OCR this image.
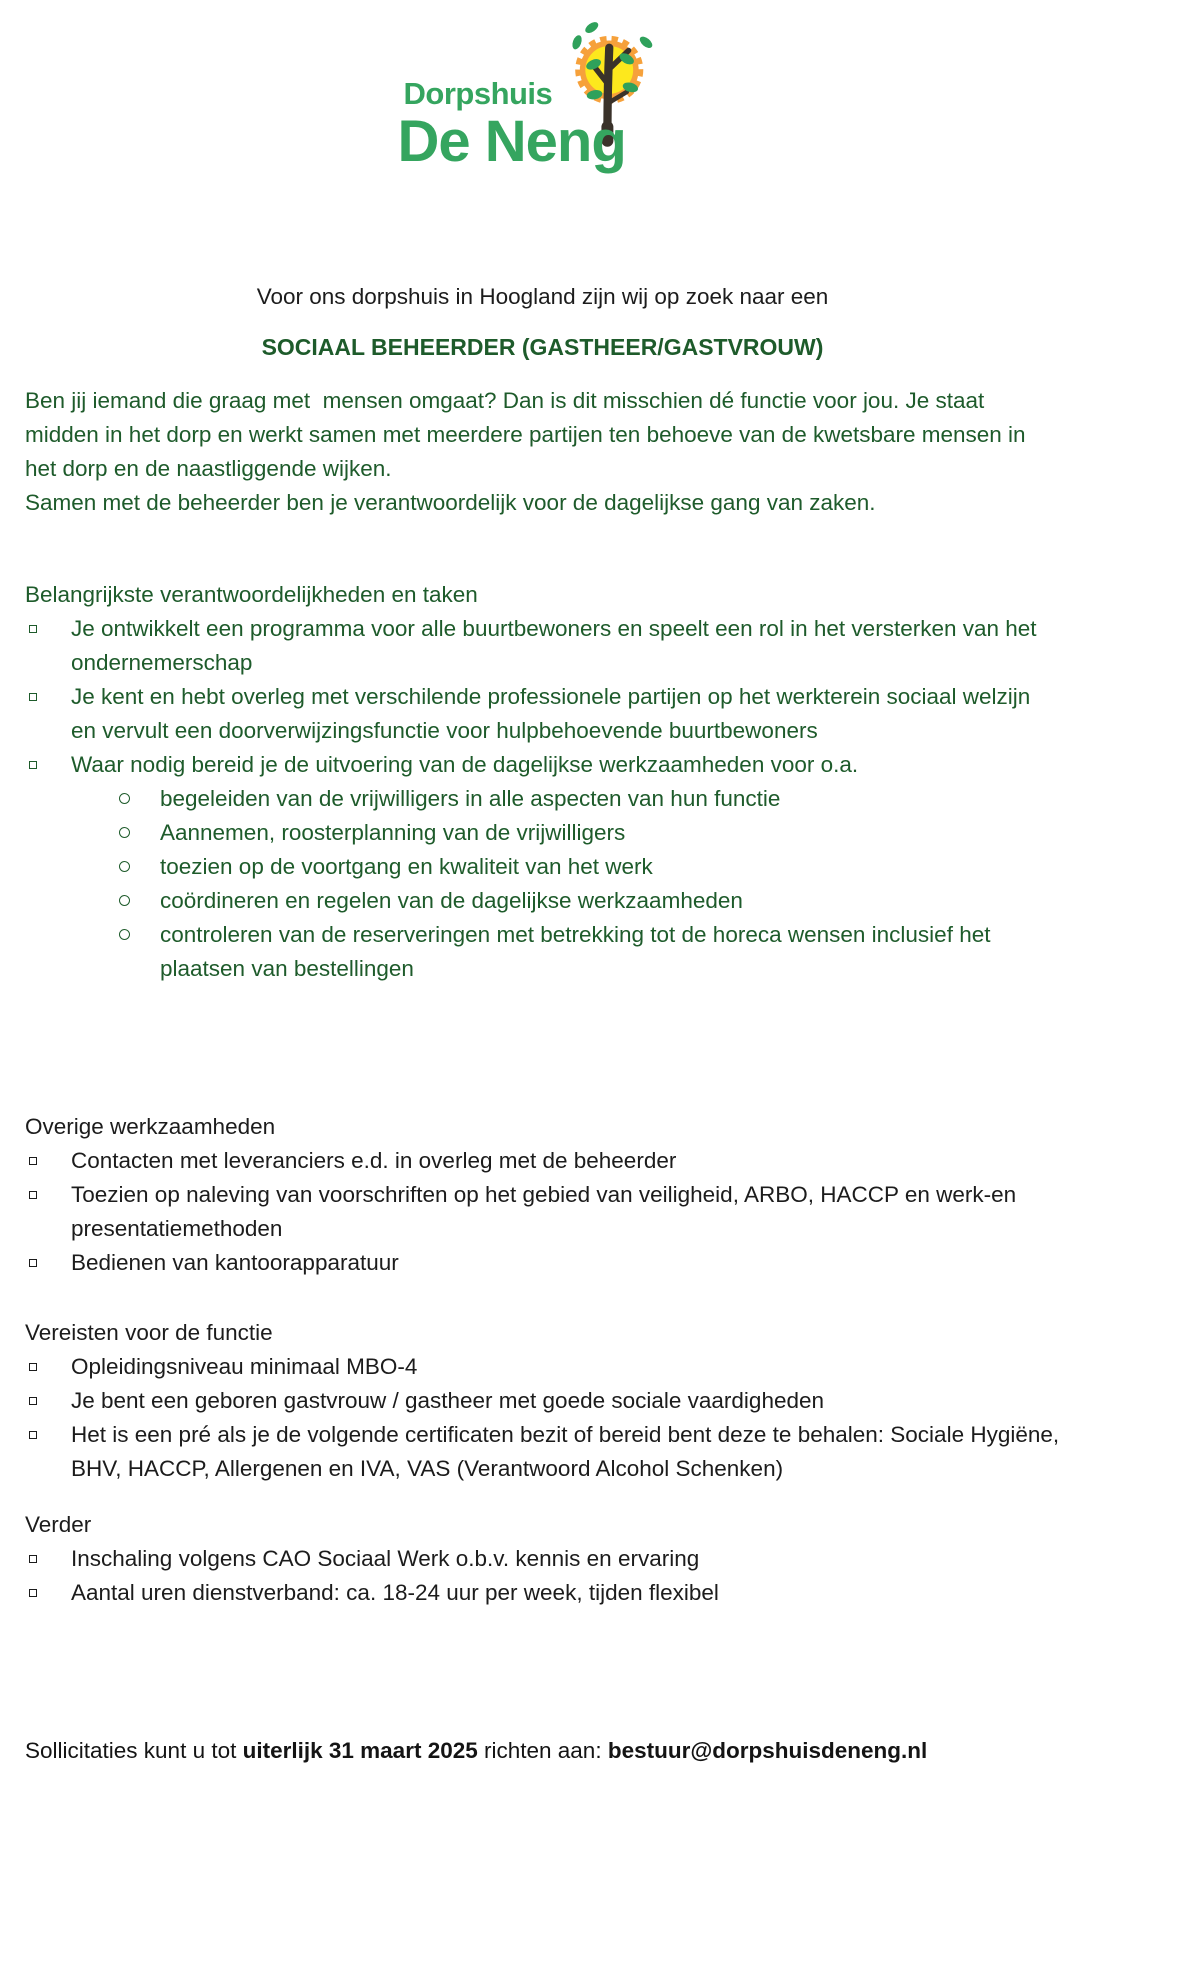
Dorpshuis
De Neng

Voor ons dorpshuis in Hoogland zijn wij op zoek naar een

SOCIAAL BEHEERDER (GASTHEER/GASTVROUW)

Ben jij iemand die graag met  mensen omgaat? Dan is dit misschien dé functie voor jou. Je staat midden in het dorp en werkt samen met meerdere partijen ten behoeve van de kwetsbare mensen in het dorp en de naastliggende wijken.

Samen met de beheerder ben je verantwoordelijk voor de dagelijkse gang van zaken.

Belangrijkste verantwoordelijkheden en taken
Je ontwikkelt een programma voor alle buurtbewoners en speelt een rol in het versterken van het ondernemerschap
Je kent en hebt overleg met verschilende professionele partijen op het werkterein sociaal welzijn en vervult een doorverwijzingsfunctie voor hulpbehoevende buurtbewoners
Waar nodig bereid je de uitvoering van de dagelijkse werkzaamheden voor o.a.
begeleiden van de vrijwilligers in alle aspecten van hun functie
Aannemen, roosterplanning van de vrijwilligers
toezien op de voortgang en kwaliteit van het werk
coördineren en regelen van de dagelijkse werkzaamheden
controleren van de reserveringen met betrekking tot de horeca wensen inclusief het plaatsen van bestellingen
Overige werkzaamheden
Contacten met leveranciers e.d. in overleg met de beheerder
Toezien op naleving van voorschriften op het gebied van veiligheid, ARBO, HACCP en werk-en presentatiemethoden
Bedienen van kantoorapparatuur
Vereisten voor de functie
Opleidingsniveau minimaal MBO-4
Je bent een geboren gastvrouw / gastheer met goede sociale vaardigheden
Het is een pré als je de volgende certificaten bezit of bereid bent deze te behalen: Sociale Hygiëne, BHV, HACCP, Allergenen en IVA, VAS (Verantwoord Alcohol Schenken)
Verder
Inschaling volgens CAO Sociaal Werk o.b.v. kennis en ervaring
Aantal uren dienstverband: ca. 18-24 uur per week, tijden flexibel
Sollicitaties kunt u tot uiterlijk 31 maart 2025 richten aan: bestuur@dorpshuisdeneng.nl
